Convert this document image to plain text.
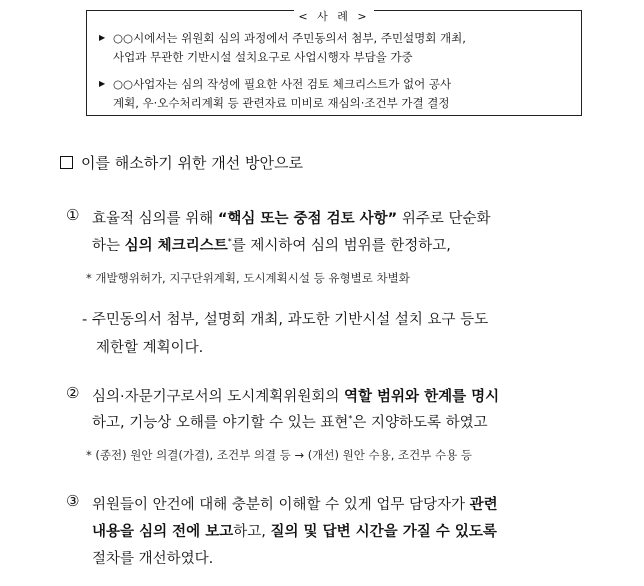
< 사 례 >
▶ ○○시에서는 위원회 심의 과정에서 주민동의서 첨부, 주민설명회 개최,
사업과 무관한 기반시설 설치요구로 사업시행자 부담을 가중
▶ ○○사업자는 심의 작성에 필요한 사전 검토 체크리스트가 없어 공사
계획, 우·오수처리계획 등 관련자료 미비로 재심의·조건부 가결 결정
이를 해소하기 위한 개선 방안으로
① 효율적 심의를 위해 “핵심 또는 중점 검토 사항” 위주로 단순화
하는 심의 체크리스트*를 제시하여 심의 범위를 한정하고,
* 개발행위허가, 지구단위계획, 도시계획시설 등 유형별로 차별화
- 주민동의서 첨부, 설명회 개최, 과도한 기반시설 설치 요구 등도
제한할 계획이다.
② 심의·자문기구로서의 도시계획위원회의 역할 범위와 한계를 명시
하고, 기능상 오해를 야기할 수 있는 표현*은 지양하도록 하였고
* (종전) 원안 의결(가결), 조건부 의결 등 → (개선) 원안 수용, 조건부 수용 등
③ 위원들이 안건에 대해 충분히 이해할 수 있게 업무 담당자가 관련
내용을 심의 전에 보고하고, 질의 및 답변 시간을 가질 수 있도록
절차를 개선하였다.
